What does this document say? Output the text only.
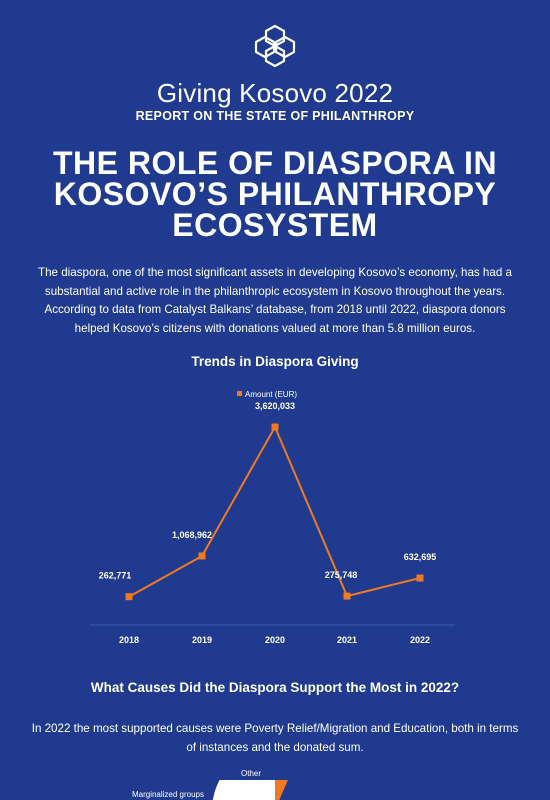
Giving Kosovo 2022
REPORT ON THE STATE OF PHILANTHROPY
THE ROLE OF DIASPORA IN KOSOVO’S PHILANTHROPY ECOSYSTEM
The diaspora, one of the most significant assets in developing Kosovo’s economy, has had a substantial and active role in the philanthropic ecosystem in Kosovo throughout the years. According to data from Catalyst Balkans’ database, from 2018 until 2022, diaspora donors helped Kosovo’s citizens with donations valued at more than 5.8 million euros.
Trends in Diaspora Giving
Amount (EUR)
262,771
2018
1,068,962
2019
3,620,033
2020
275,748
2021
632,695
2022
What Causes Did the Diaspora Support the Most in 2022?
In 2022 the most supported causes were Poverty Relief/Migration and Education, both in terms of instances and the donated sum.
Other
Marginalized groups
